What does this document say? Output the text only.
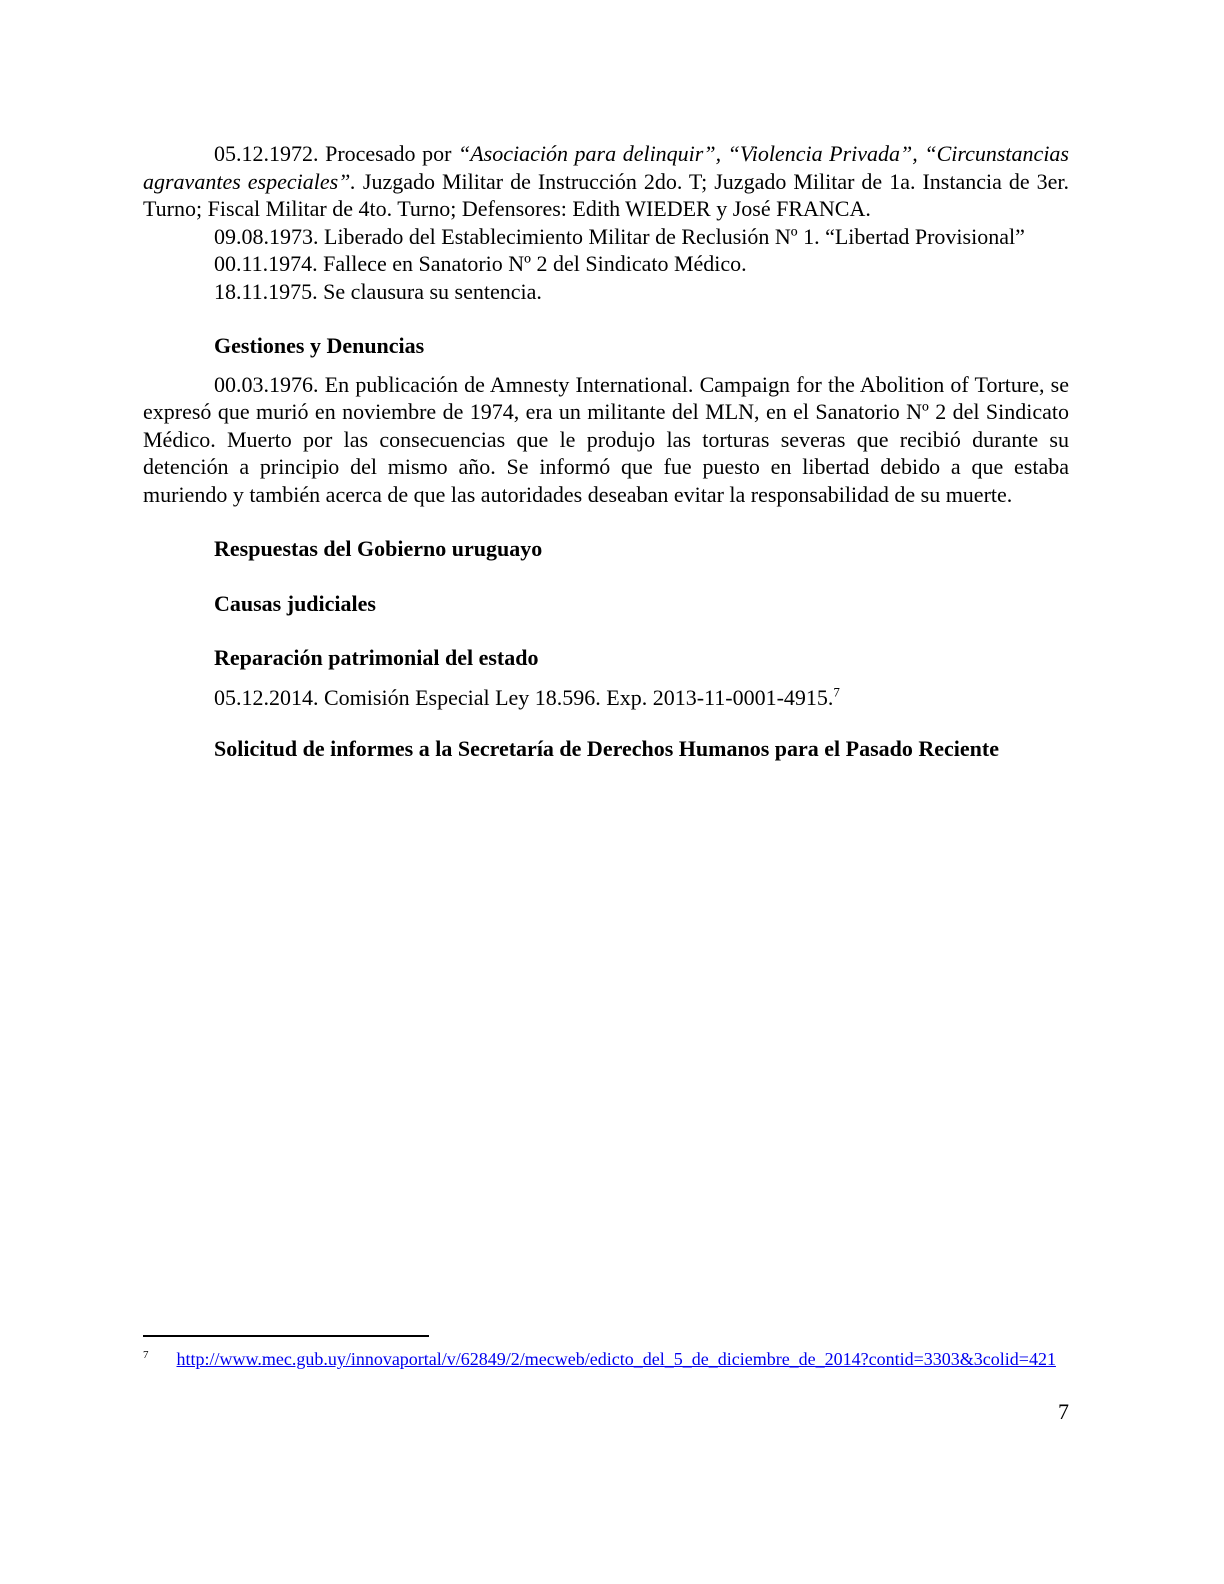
05.12.1972. Procesado por “Asociación para delinquir”, “Violencia Privada”, “Circunstancias agravantes especiales”. Juzgado Militar de Instrucción 2do. T; Juzgado Militar de 1a. Instancia de 3er. Turno; Fiscal Militar de 4to. Turno; Defensores: Edith WIEDER y José FRANCA.

09.08.1973. Liberado del Establecimiento Militar de Reclusión Nº 1. “Libertad Provisional”

00.11.1974. Fallece en Sanatorio Nº 2 del Sindicato Médico.

18.11.1975. Se clausura su sentencia.

Gestiones y Denuncias

00.03.1976. En publicación de Amnesty International. Campaign for the Abolition of Torture, se expresó que murió en noviembre de 1974, era un militante del MLN, en el Sanatorio Nº 2 del Sindicato Médico. Muerto por las consecuencias que le produjo las torturas severas que recibió durante su detención a principio del mismo año. Se informó que fue puesto en libertad debido a que estaba muriendo y también acerca de que las autoridades deseaban evitar la responsabilidad de su muerte.

Respuestas del Gobierno uruguayo

Causas judiciales

Reparación patrimonial del estado

05.12.2014. Comisión Especial Ley 18.596. Exp. 2013-11-0001-4915.$^7$

Solicitud de informes a la Secretaría de Derechos Humanos para el Pasado Reciente

$^7$ http://www.mec.gub.uy/innovaportal/v/62849/2/mecweb/edicto_del_5_de_diciembre_de_2014?contid=3303&3colid=421
7
